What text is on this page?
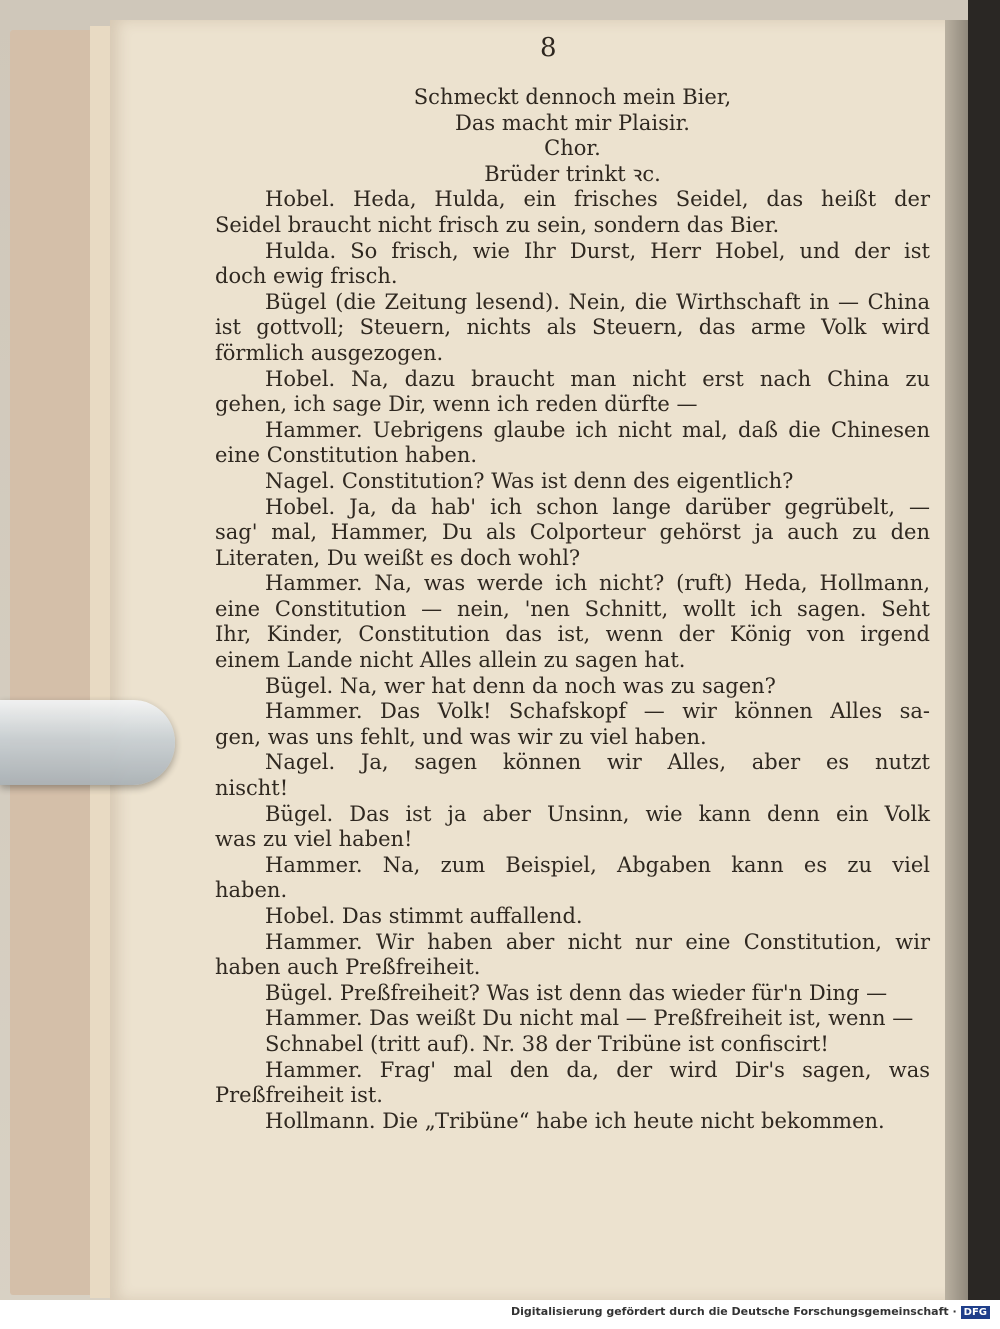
8
Schmeckt dennoch mein Bier,
Das macht mir Plaisir.
Chor.
Brüder trinkt ꝛc.
Hobel. Heda, Hulda, ein frisches Seidel, das heißt der
Seidel braucht nicht frisch zu sein, sondern das Bier.
Hulda. So frisch, wie Ihr Durst, Herr Hobel, und der ist
doch ewig frisch.
Bügel (die Zeitung lesend). Nein, die Wirthschaft in — China
ist gottvoll; Steuern, nichts als Steuern, das arme Volk wird
förmlich ausgezogen.
Hobel. Na, dazu braucht man nicht erst nach China zu
gehen, ich sage Dir, wenn ich reden dürfte —
Hammer. Uebrigens glaube ich nicht mal, daß die Chinesen
eine Constitution haben.
Nagel. Constitution? Was ist denn des eigentlich?
Hobel. Ja, da hab' ich schon lange darüber gegrübelt, —
sag' mal, Hammer, Du als Colporteur gehörst ja auch zu den
Literaten, Du weißt es doch wohl?
Hammer. Na, was werde ich nicht? (ruft) Heda, Hollmann,
eine Constitution — nein, 'nen Schnitt, wollt ich sagen. Seht
Ihr, Kinder, Constitution das ist, wenn der König von irgend
einem Lande nicht Alles allein zu sagen hat.
Bügel. Na, wer hat denn da noch was zu sagen?
Hammer. Das Volk! Schafskopf — wir können Alles sa-
gen, was uns fehlt, und was wir zu viel haben.
Nagel. Ja, sagen können wir Alles, aber es nutzt
nischt!
Bügel. Das ist ja aber Unsinn, wie kann denn ein Volk
was zu viel haben!
Hammer. Na, zum Beispiel, Abgaben kann es zu viel
haben.
Hobel. Das stimmt auffallend.
Hammer. Wir haben aber nicht nur eine Constitution, wir
haben auch Preßfreiheit.
Bügel. Preßfreiheit? Was ist denn das wieder für'n Ding —
Hammer. Das weißt Du nicht mal — Preßfreiheit ist, wenn —
Schnabel (tritt auf). Nr. 38 der Tribüne ist confiscirt!
Hammer. Frag' mal den da, der wird Dir's sagen, was
Preßfreiheit ist.
Hollmann. Die „Tribüne“ habe ich heute nicht bekommen.
Digitalisierung gefördert durch die Deutsche Forschungsgemeinschaft · DFG
